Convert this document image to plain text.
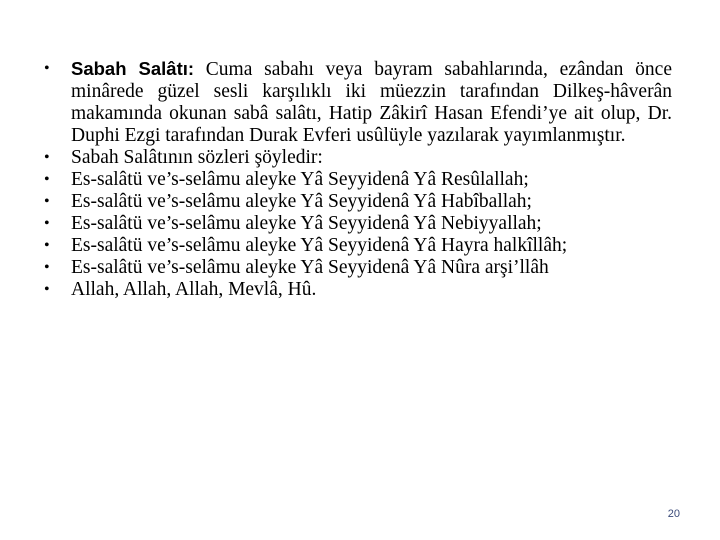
•	Sabah Salâtı: Cuma sabahı veya bayram sabahlarında, ezândan önce minârede güzel sesli karşılıklı iki müezzin tarafından Dilkeş-hâverân makamında okunan sabâ salâtı, Hatip Zâkirî Hasan Efendi’ye ait olup, Dr. Duphi Ezgi tarafından Durak Evferi usûlüyle yazılarak yayımlanmıştır.
•	Sabah Salâtının sözleri şöyledir:
•	Es-salâtü ve’s-selâmu aleyke Yâ Seyyidenâ Yâ Resûlallah;
•	Es-salâtü ve’s-selâmu aleyke Yâ Seyyidenâ Yâ Habîballah;
•	Es-salâtü ve’s-selâmu aleyke Yâ Seyyidenâ Yâ Nebiyyallah;
•	Es-salâtü ve’s-selâmu aleyke Yâ Seyyidenâ Yâ Hayra halkîllâh;
•	Es-salâtü ve’s-selâmu aleyke Yâ Seyyidenâ Yâ Nûra arşi’llâh
•	Allah, Allah, Allah, Mevlâ, Hû.
20
